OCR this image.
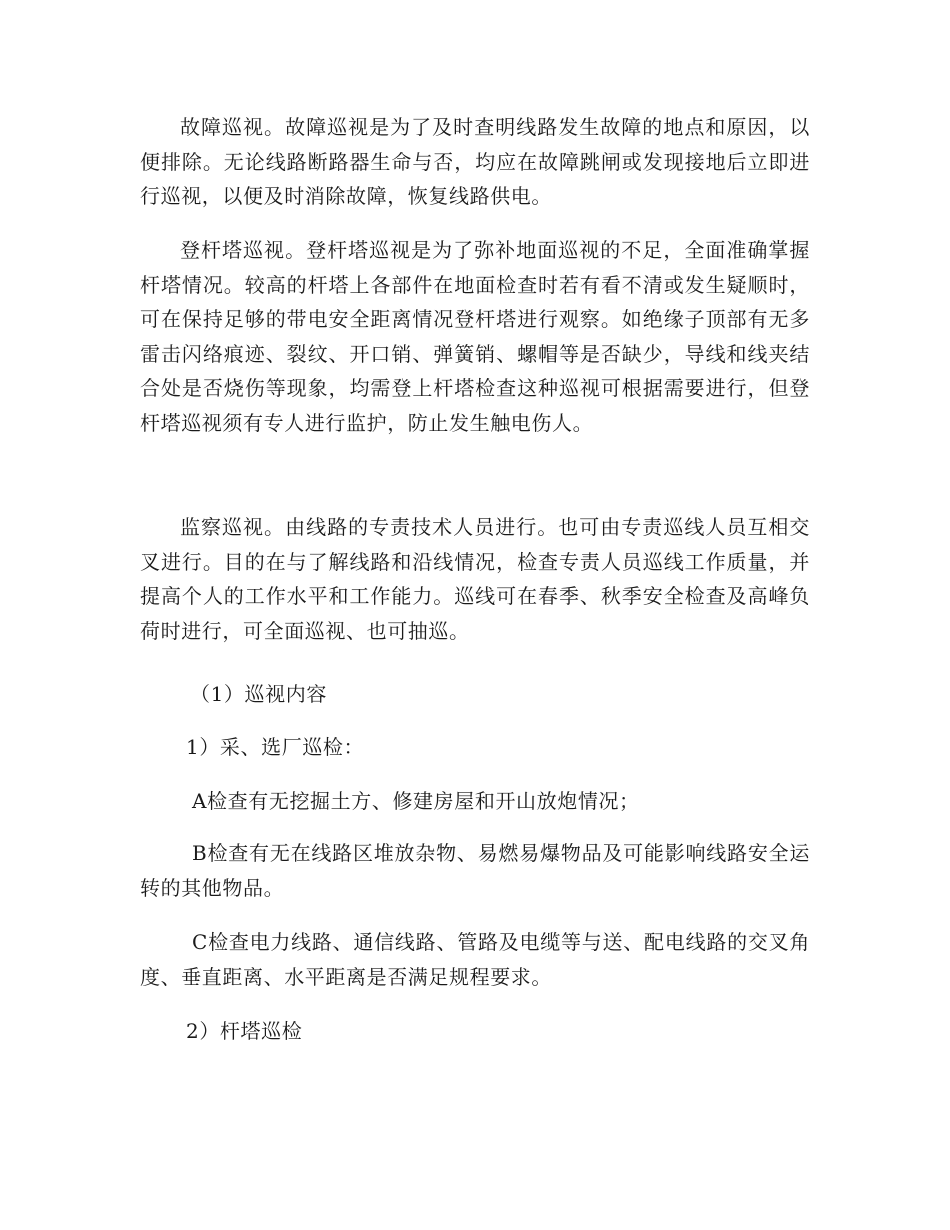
故障巡视。故障巡视是为了及时查明线路发生故障的地点和原因，以便排除。无论线路断路器生命与否，均应在故障跳闸或发现接地后立即进行巡视，以便及时消除故障，恢复线路供电。

登杆塔巡视。登杆塔巡视是为了弥补地面巡视的不足，全面准确掌握杆塔情况。较高的杆塔上各部件在地面检查时若有看不清或发生疑顺时，可在保持足够的带电安全距离情况登杆塔进行观察。如绝缘子顶部有无多雷击闪络痕迹、裂纹、开口销、弹簧销、螺帽等是否缺少，导线和线夹结合处是否烧伤等现象，均需登上杆塔检查这种巡视可根据需要进行，但登杆塔巡视须有专人进行监护，防止发生触电伤人。

监察巡视。由线路的专责技术人员进行。也可由专责巡线人员互相交叉进行。目的在与了解线路和沿线情况，检查专责人员巡线工作质量，并提高个人的工作水平和工作能力。巡线可在春季、秋季安全检查及高峰负荷时进行，可全面巡视、也可抽巡。

（1）巡视内容

1）采、选厂巡检：

A检查有无挖掘土方、修建房屋和开山放炮情况；

B检查有无在线路区堆放杂物、易燃易爆物品及可能影响线路安全运转的其他物品。

C检查电力线路、通信线路、管路及电缆等与送、配电线路的交叉角度、垂直距离、水平距离是否满足规程要求。

2）杆塔巡检
